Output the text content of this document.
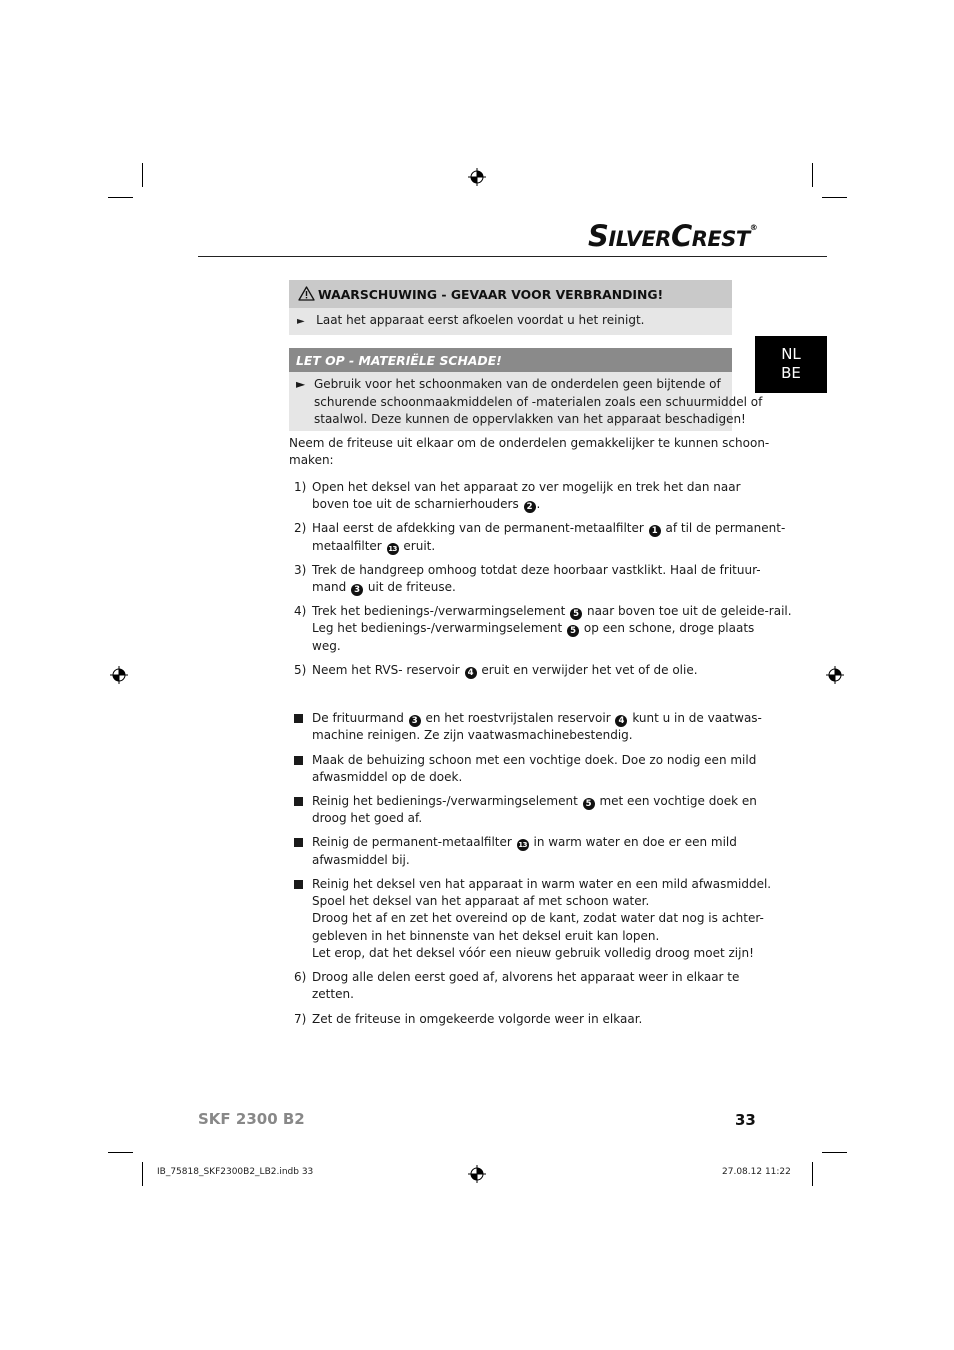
SILVERCREST®
NL
BE
WAARSCHUWING - GEVAAR VOOR VERBRANDING!
► Laat het apparaat eerst afkoelen voordat u het reinigt.
LET OP - MATERIËLE SCHADE!
► Gebruik voor het schoonmaken van de onderdelen geen bijtende of
schurende schoonmaakmiddelen of -materialen zoals een schuurmiddel of
staalwol. Deze kunnen de oppervlakken van het apparaat beschadigen!
Neem de friteuse uit elkaar om de onderdelen gemakkelijker te kunnen schoon-
maken:
1) Open het deksel van het apparaat zo ver mogelijk en trek het dan naar
boven toe uit de scharnierhouders 2 .
2) Haal eerst de afdekking van de permanent-metaalfilter 1 af til de permanent-
metaalfilter 13 eruit.
3) Trek de handgreep omhoog totdat deze hoorbaar vastklikt. Haal de frituur-
mand 3 uit de friteuse.
4) Trek het bedienings-/verwarmingselement 5 naar boven toe uit de geleide-rail.
Leg het bedienings-/verwarmingselement 5 op een schone, droge plaats
weg.
5) Neem het RVS- reservoir 4 eruit en verwijder het vet of de olie.
De frituurmand 3 en het roestvrijstalen reservoir 4 kunt u in de vaatwas-
machine reinigen. Ze zijn vaatwasmachinebestendig.
Maak de behuizing schoon met een vochtige doek. Doe zo nodig een mild
afwasmiddel op de doek.
Reinig het bedienings-/verwarmingselement 5 met een vochtige doek en
droog het goed af.
Reinig de permanent-metaalfilter 13 in warm water en doe er een mild
afwasmiddel bij.
Reinig het deksel ven hat apparaat in warm water en een mild afwasmiddel.
Spoel het deksel van het apparaat af met schoon water.
Droog het af en zet het overeind op de kant, zodat water dat nog is achter-
gebleven in het binnenste van het deksel eruit kan lopen.
Let erop, dat het deksel vóór een nieuw gebruik volledig droog moet zijn!
6) Droog alle delen eerst goed af, alvorens het apparaat weer in elkaar te
zetten.
7) Zet de friteuse in omgekeerde volgorde weer in elkaar.
SKF 2300 B2	33
IB_75818_SKF2300B2_LB2.indb 33	27.08.12 11:22
